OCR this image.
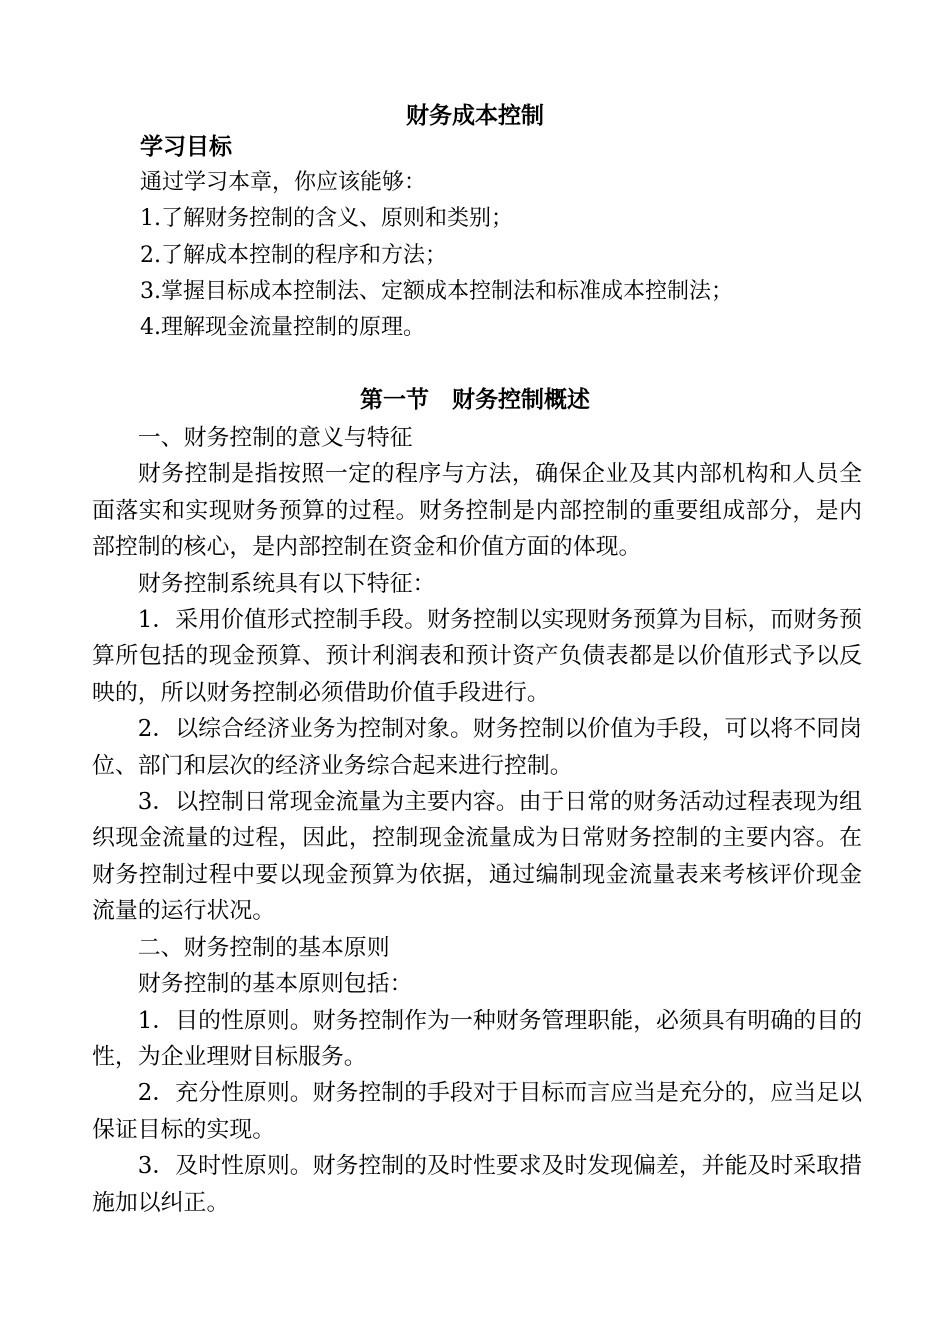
财务成本控制
学习目标
通过学习本章，你应该能够：
1.了解财务控制的含义、原则和类别；
2.了解成本控制的程序和方法；
3.掌握目标成本控制法、定额成本控制法和标准成本控制法；
4.理解现金流量控制的原理。
第一节　财务控制概述

一、财务控制的意义与特征

财务控制是指按照一定的程序与方法，确保企业及其内部机构和人员全面落实和实现财务预算的过程。财务控制是内部控制的重要组成部分，是内部控制的核心，是内部控制在资金和价值方面的体现。

财务控制系统具有以下特征：

1．采用价值形式控制手段。财务控制以实现财务预算为目标，而财务预算所包括的现金预算、预计利润表和预计资产负债表都是以价值形式予以反映的，所以财务控制必须借助价值手段进行。

2．以综合经济业务为控制对象。财务控制以价值为手段，可以将不同岗位、部门和层次的经济业务综合起来进行控制。

3．以控制日常现金流量为主要内容。由于日常的财务活动过程表现为组织现金流量的过程，因此，控制现金流量成为日常财务控制的主要内容。在财务控制过程中要以现金预算为依据，通过编制现金流量表来考核评价现金流量的运行状况。

二、财务控制的基本原则

财务控制的基本原则包括：

1．目的性原则。财务控制作为一种财务管理职能，必须具有明确的目的性，为企业理财目标服务。

2．充分性原则。财务控制的手段对于目标而言应当是充分的，应当足以保证目标的实现。

3．及时性原则。财务控制的及时性要求及时发现偏差，并能及时采取措施加以纠正。
